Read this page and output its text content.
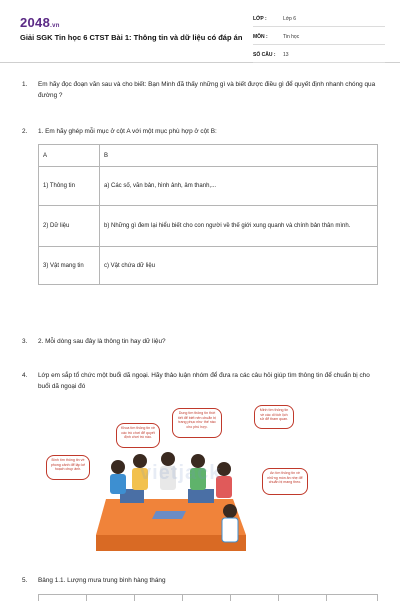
2048.vn
Giải SGK Tin học 6 CTST Bài 1: Thông tin và dữ liệu có đáp án
LỚP :	Lớp 6
MÔN :	Tin học
SỐ CÂU : 13
1. Em hãy đọc đoạn văn sau và cho biết: Bạn Minh đã thấy những gì và biết được điều gì để quyết định nhanh chóng qua đường ?
2. 1. Em hãy ghép mỗi mục ở cột A với một mục phù hợp ở cột B:
A	B
1) Thông tin	a) Các số, văn bản, hình ảnh, âm thanh,...
2) Dữ liệu	b) Những gì đem lại hiểu biết cho con người về thế giới xung quanh và chính bản thân mình.
3) Vật mang tin	c) Vật chứa dữ liệu
3. 2. Mỗi dòng sau đây là thông tin hay dữ liệu?
4. Lớp em sắp tổ chức một buổi dã ngoại. Hãy thảo luận nhóm để đưa ra các câu hỏi giúp tìm thông tin để chuẩn bị cho buổi dã ngoại đó
Dung tìm thông tin thời tiết để biết nên chuẩn bị trang phục như thế nào cho phù hợp.
Minh tìm thông tin về các di tích lịch sử để tham quan.
Khoa tìm thông tin về các trò chơi để quyết định chơi trò nào.
Bình tìm thông tin về phong cảnh để lập kế hoạch chụp ảnh.
An tìm thông tin về những món ăn nhẹ để chuẩn bị mang theo.
vietjack
5. Bảng 1.1. Lượng mưa trung bình hàng tháng
